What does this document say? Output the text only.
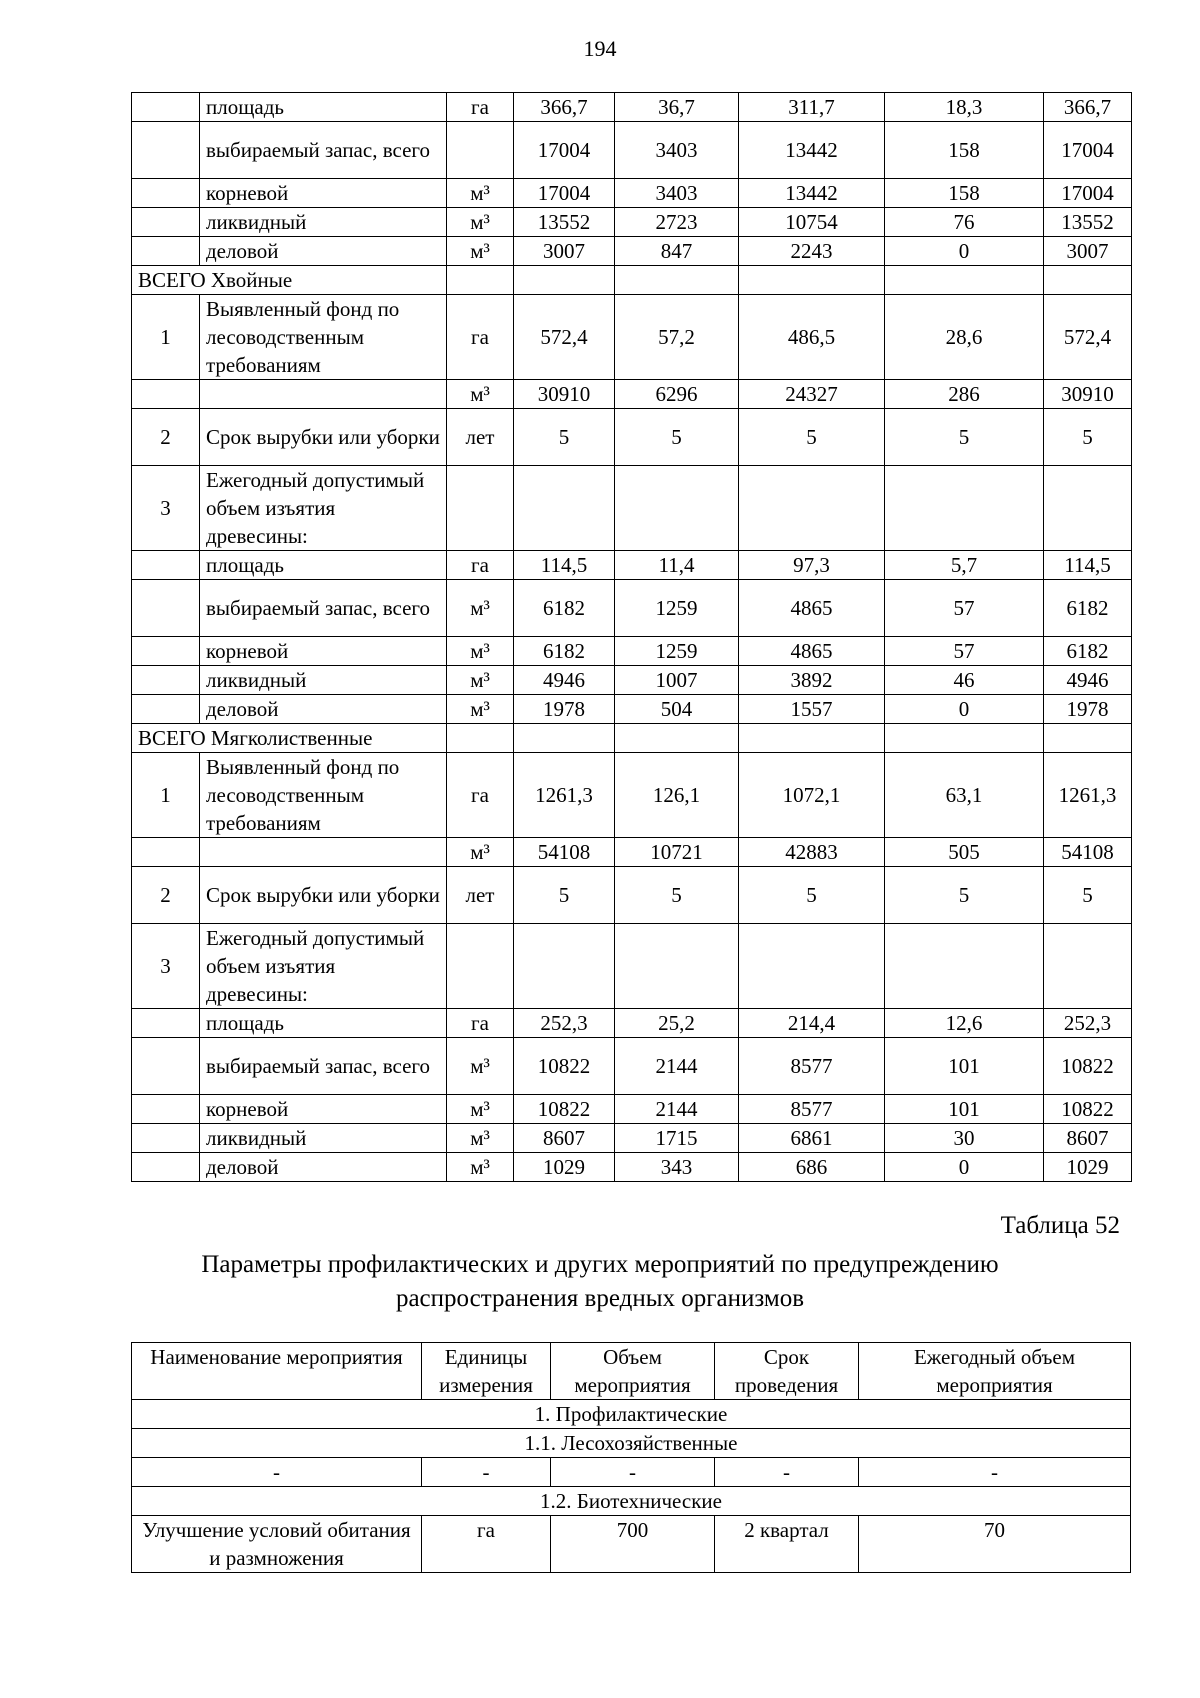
194
	площадь	га	366,7	36,7	311,7	18,3	366,7
	выбираемый запас, всего		17004	3403	13442	158	17004
	корневой	м³	17004	3403	13442	158	17004
	ликвидный	м³	13552	2723	10754	76	13552
	деловой	м³	3007	847	2243	0	3007
ВСЕГО Хвойные							
1	Выявленный фонд по лесоводственным требованиям	га	572,4	57,2	486,5	28,6	572,4
		м³	30910	6296	24327	286	30910
2	Срок вырубки или уборки	лет	5	5	5	5	5
3	Ежегодный допустимый объем изъятия древесины:						
	площадь	га	114,5	11,4	97,3	5,7	114,5
	выбираемый запас, всего	м³	6182	1259	4865	57	6182
	корневой	м³	6182	1259	4865	57	6182
	ликвидный	м³	4946	1007	3892	46	4946
	деловой	м³	1978	504	1557	0	1978
ВСЕГО Мягколиственные							
1	Выявленный фонд по лесоводственным требованиям	га	1261,3	126,1	1072,1	63,1	1261,3
		м³	54108	10721	42883	505	54108
2	Срок вырубки или уборки	лет	5	5	5	5	5
3	Ежегодный допустимый объем изъятия древесины:						
	площадь	га	252,3	25,2	214,4	12,6	252,3
	выбираемый запас, всего	м³	10822	2144	8577	101	10822
	корневой	м³	10822	2144	8577	101	10822
	ликвидный	м³	8607	1715	6861	30	8607
	деловой	м³	1029	343	686	0	1029
Таблица 52
Параметры профилактических и других мероприятий по предупреждению
распространения вредных организмов
Наименование мероприятия	Единицы измерения	Объем мероприятия	Срок проведения	Ежегодный объем мероприятия
1. Профилактические				
1.1. Лесохозяйственные				
-	-	-	-	-
1.2. Биотехнические				
Улучшение условий обитания и размножения	га	700	2 квартал	70
